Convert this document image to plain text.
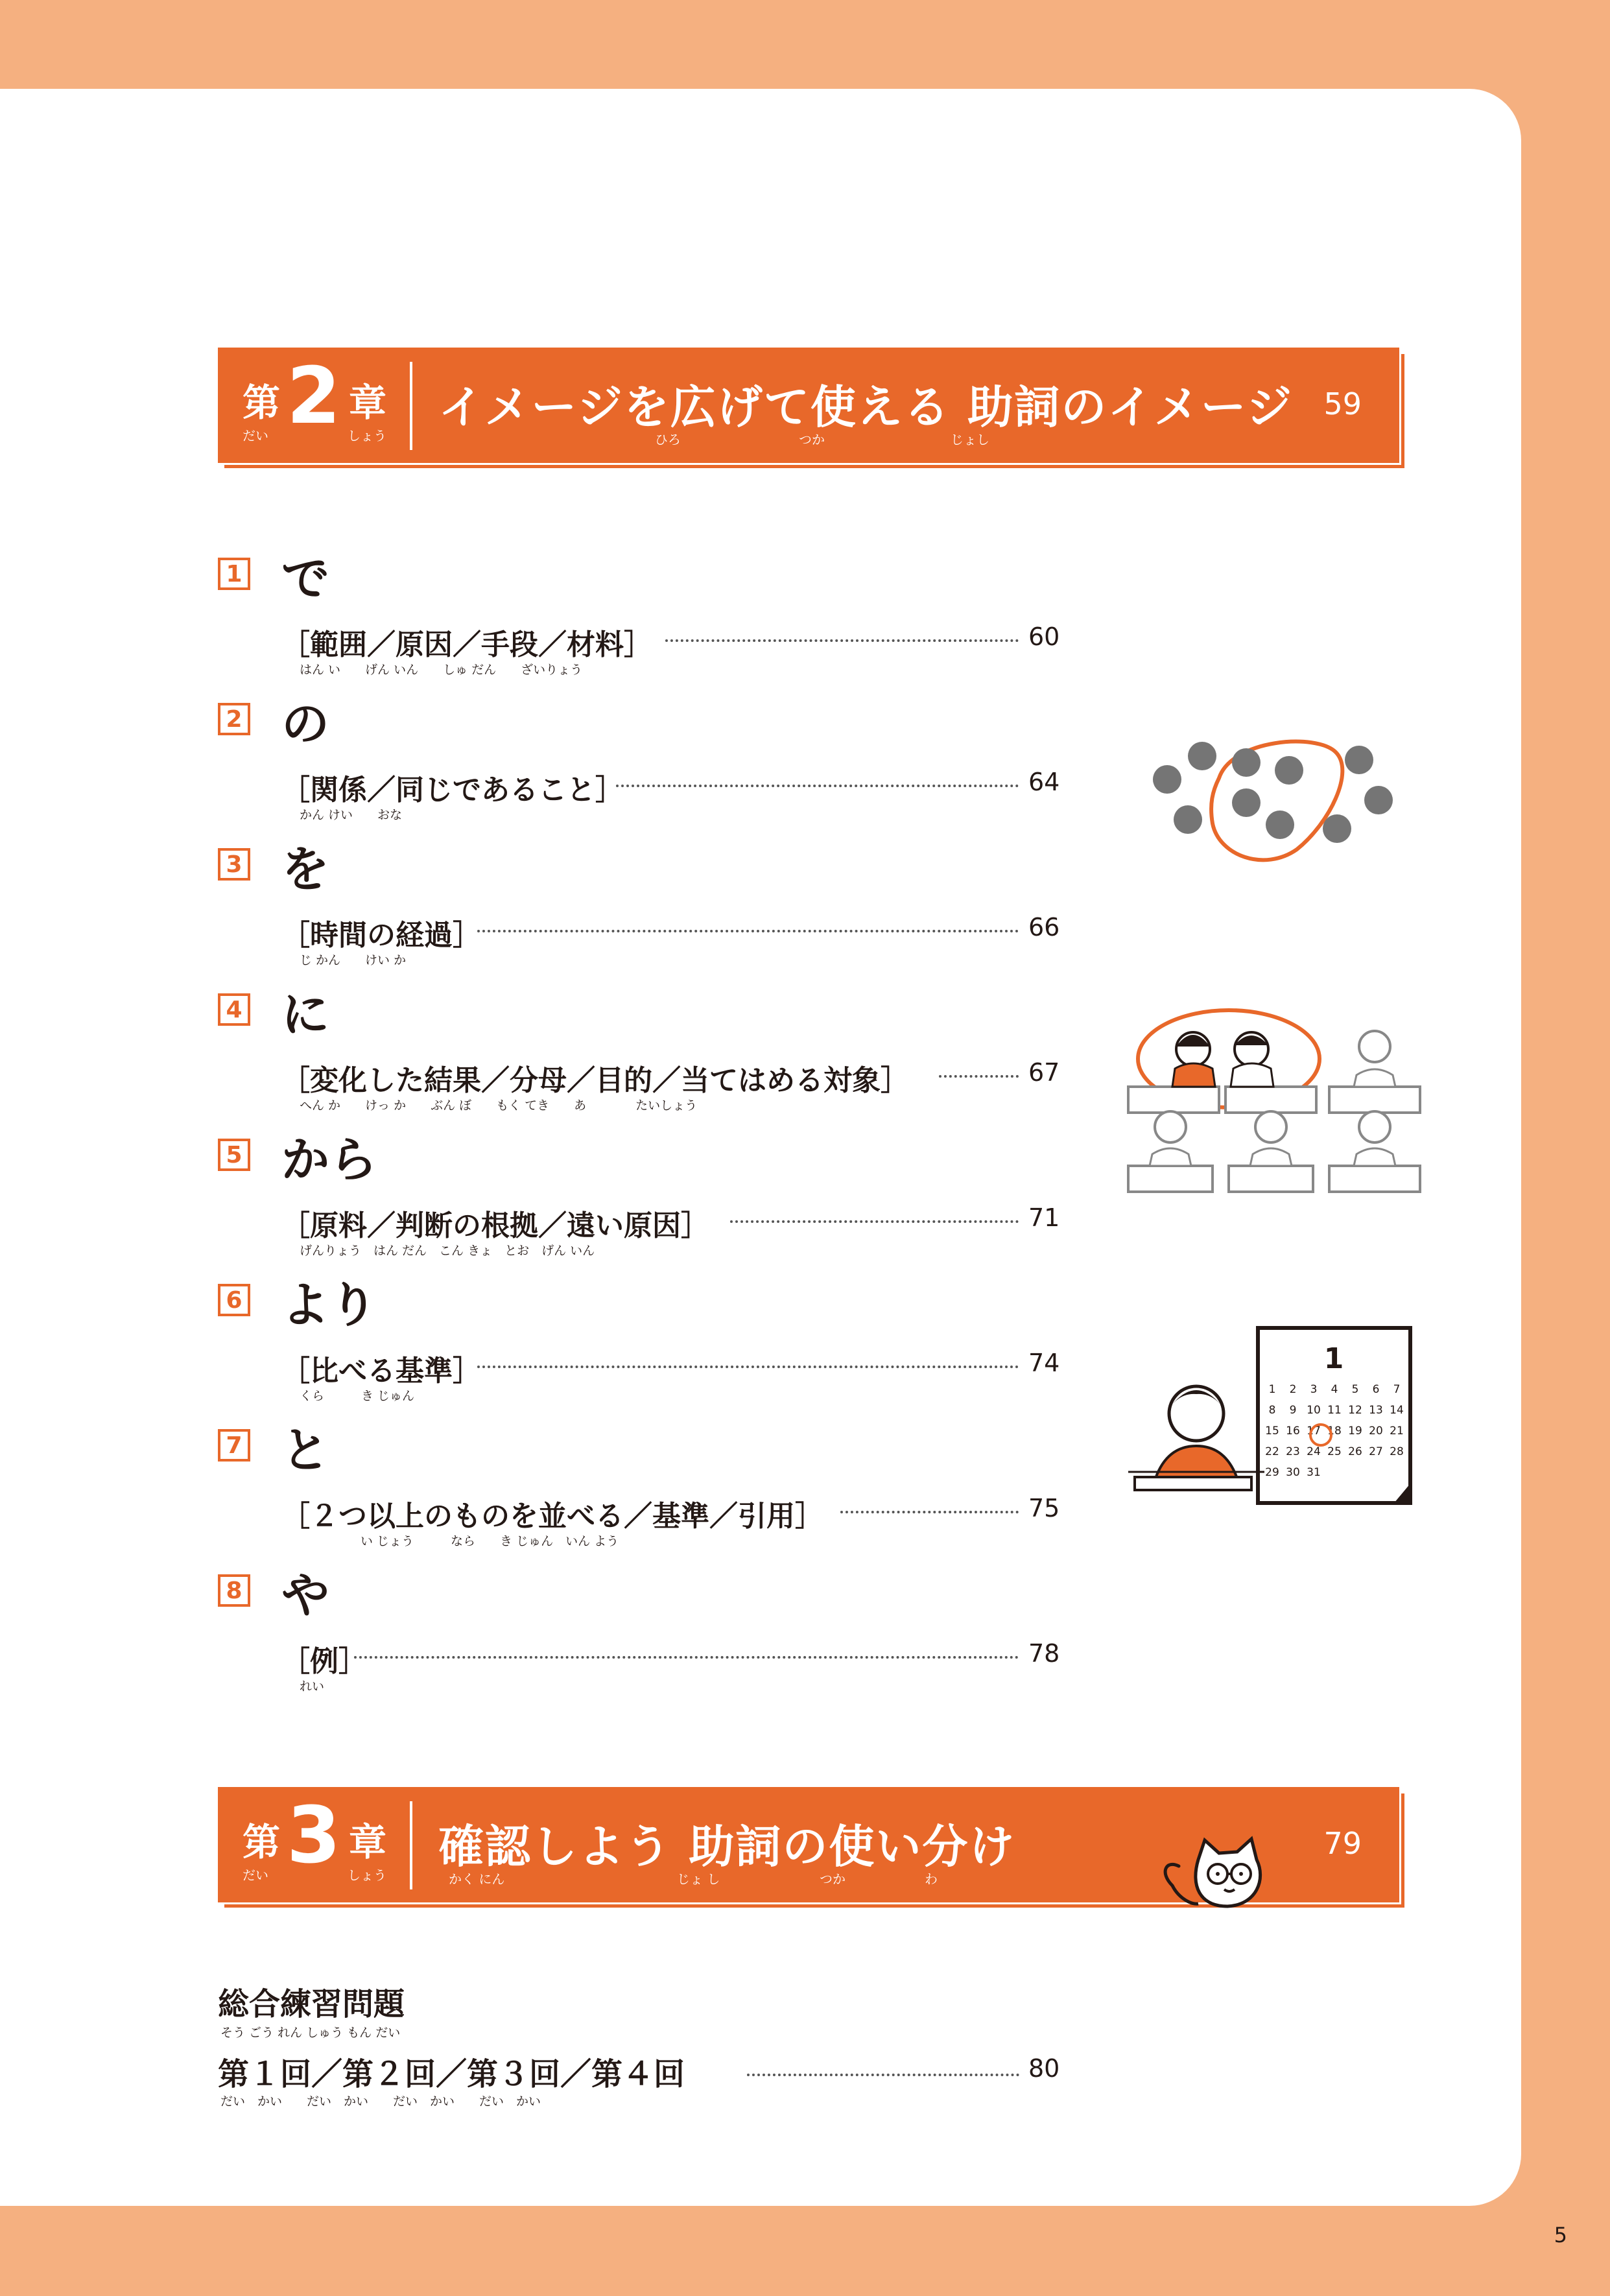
第 2 章
だい	しょう
イメージを広げて使える 助詞のイメージ
ひろ	つか	じょし
59
1 で
［範囲／原因／手段／材料］	60
はん い　　げん いん　　しゅ だん　　ざいりょう
2 の
［関係／同じであること］	64
かん けい　　おな
3 を
［時間の経過］	66
じ かん　　けい か
4 に
［変化した結果／分母／目的／当てはめる対象］	67
へん か　　けっ か　　ぶん ぼ　　もく てき　　あ　　　　たいしょう
5 から
［原料／判断の根拠／遠い原因］	71
げんりょう　はん だん　こん きょ　とお　げん いん
6 より
［比べる基準］	74
くら　　　き じゅん
7 と
［２つ以上のものを並べる／基準／引用］	75
い じょう　　　なら　　き じゅん　いん よう
8 や
［例］	78
れい
第 3 章
だい	しょう
確認しよう 助詞の使い分け
かく にん	じょ し	つか	わ
79
総合練習問題
そう ごう れん しゅう もん だい
第１回／第２回／第３回／第４回	80
だい　かい　　だい　かい　　だい　かい　　だい　かい
1
1 2 3 4 5 6 7
8 9 10 11 12 13 14
15 16 17 18 19 20 21
22 23 24 25 26 27 28
29 30 31
5
